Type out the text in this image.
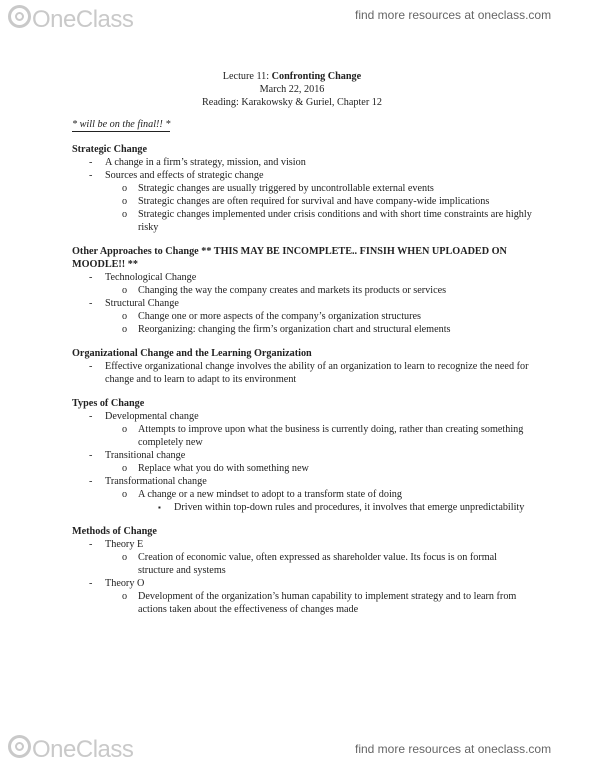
OneClass	find more resources at oneclass.com
Lecture 11: Confronting Change
March 22, 2016
Reading: Karakowsky & Guriel, Chapter 12
* will be on the final!! *
Strategic Change
- A change in a firm’s strategy, mission, and vision
- Sources and effects of strategic change
o Strategic changes are usually triggered by uncontrollable external events
o Strategic changes are often required for survival and have company-wide implications
o Strategic changes implemented under crisis conditions and with short time constraints are highly risky
Other Approaches to Change ** THIS MAY BE INCOMPLETE.. FINSIH WHEN UPLOADED ON MOODLE!! **
- Technological Change
o Changing the way the company creates and markets its products or services
- Structural Change
o Change one or more aspects of the company’s organization structures
o Reorganizing: changing the firm’s organization chart and structural elements
Organizational Change and the Learning Organization
- Effective organizational change involves the ability of an organization to learn to recognize the need for change and to learn to adapt to its environment
Types of Change
- Developmental change
o Attempts to improve upon what the business is currently doing, rather than creating something completely new
- Transitional change
o Replace what you do with something new
- Transformational change
o A change or a new mindset to adopt to a transform state of doing
▪ Driven within top-down rules and procedures, it involves that emerge unpredictability
Methods of Change
- Theory E
o Creation of economic value, often expressed as shareholder value. Its focus is on formal structure and systems
- Theory O
o Development of the organization’s human capability to implement strategy and to learn from actions taken about the effectiveness of changes made
OneClass	find more resources at oneclass.com
